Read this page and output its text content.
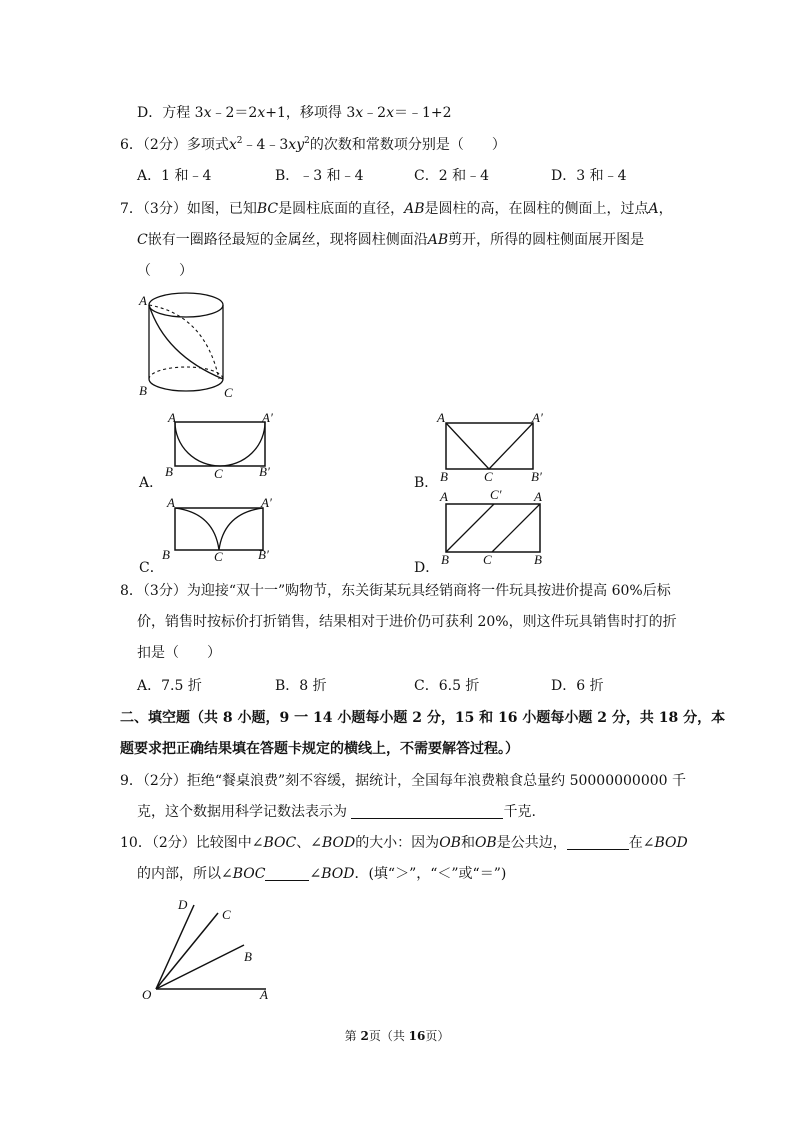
D．方程 3x﹣2＝2x+1，移项得 3x﹣2x＝﹣1+2
6．（2分）多项式$x^2﹣4﹣3xy^2$的次数和常数项分别是（　　）
A．1 和﹣4	B．﹣3 和﹣4	C．2 和﹣4	D．3 和﹣4
7．（3分）如图，已知BC是圆柱底面的直径，AB是圆柱的高，在圆柱的侧面上，过点A，
C嵌有一圈路径最短的金属丝，现将圆柱侧面沿AB剪开，所得的圆柱侧面展开图是
（　　）
A
B	C
A．
A	A′
B	C	B′
B．
A	A′
B	C	B′
C．
A	A′
B	C	B′
D．
A	C′ A
B	C	B
8．（3分）为迎接“双十一”购物节，东关街某玩具经销商将一件玩具按进价提高 60%后标
价，销售时按标价打折销售，结果相对于进价仍可获利 20%，则这件玩具销售时打的折
扣是（　　）
A．7.5 折	B．8 折	C．6.5 折	D．6 折
二、填空题（共 8 小题，9 一 14 小题每小题 2 分，15 和 16 小题每小题 2 分，共 18 分，本
题要求把正确结果填在答题卡规定的横线上，不需要解答过程。）
9．（2分）拒绝“餐桌浪费”刻不容缓，据统计，全国每年浪费粮食总量约 50000000000 千
克，这个数据用科学记数法表示为	千克.
10．（2分）比较图中∠BOC、∠BOD的大小：因为OB和OB是公共边，	在∠BOD
的内部，所以∠BOC	∠BOD．(填“＞”，“＜”或“＝”)
D
C
B
O	A
第 2页（共 16页）
